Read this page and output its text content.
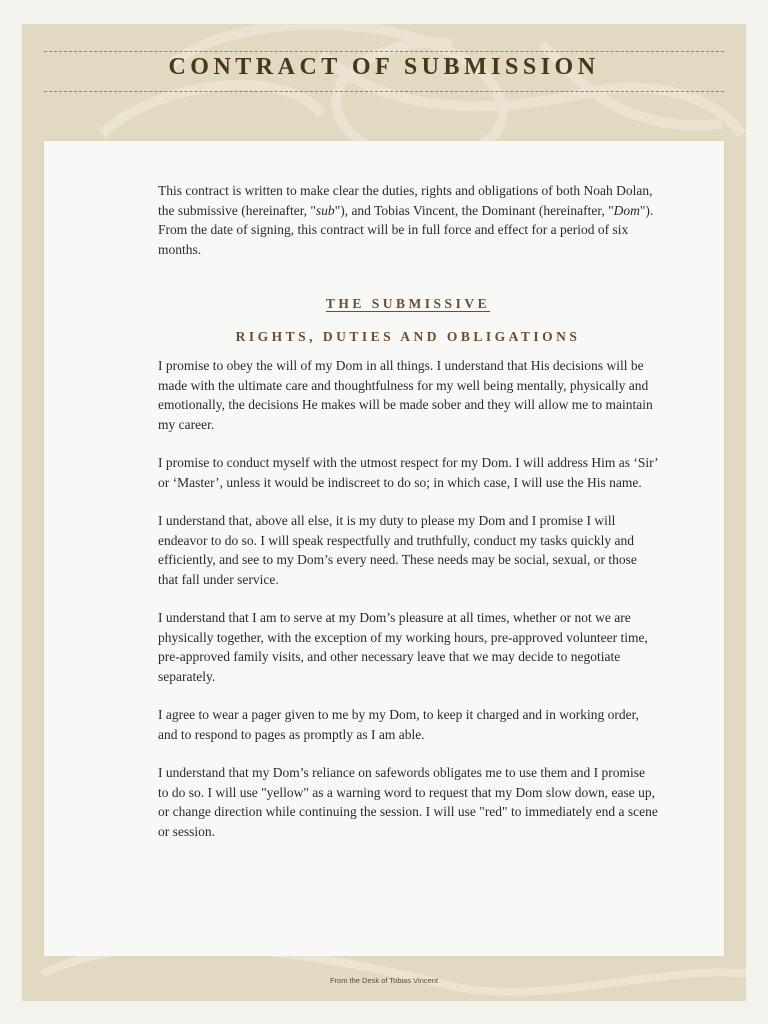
CONTRACT OF SUBMISSION

This contract is written to make clear the duties, rights and obligations of both Noah Dolan, the submissive (hereinafter, "sub"), and Tobias Vincent, the Dominant (hereinafter, "Dom"). From the date of signing, this contract will be in full force and effect for a period of six months.

THE SUBMISSIVE
RIGHTS, DUTIES AND OBLIGATIONS

I promise to obey the will of my Dom in all things. I understand that His decisions will be made with the ultimate care and thoughtfulness for my well being mentally, physically and emotionally, the decisions He makes will be made sober and they will allow me to maintain my career.

I promise to conduct myself with the utmost respect for my Dom. I will address Him as ‘Sir’ or ‘Master’, unless it would be indiscreet to do so; in which case, I will use the His name.

I understand that, above all else, it is my duty to please my Dom and I promise I will endeavor to do so. I will speak respectfully and truthfully, conduct my tasks quickly and efficiently, and see to my Dom’s every need. These needs may be social, sexual, or those that fall under service.

I understand that I am to serve at my Dom’s pleasure at all times, whether or not we are physically together, with the exception of my working hours, pre-approved volunteer time, pre-approved family visits, and other necessary leave that we may decide to negotiate separately.

I agree to wear a pager given to me by my Dom, to keep it charged and in working order, and to respond to pages as promptly as I am able.

I understand that my Dom’s reliance on safewords obligates me to use them and I promise to do so. I will use "yellow" as a warning word to request that my Dom slow down, ease up, or change direction while continuing the session. I will use "red" to immediately end a scene or session.

From the Desk of Tobias Vincent
